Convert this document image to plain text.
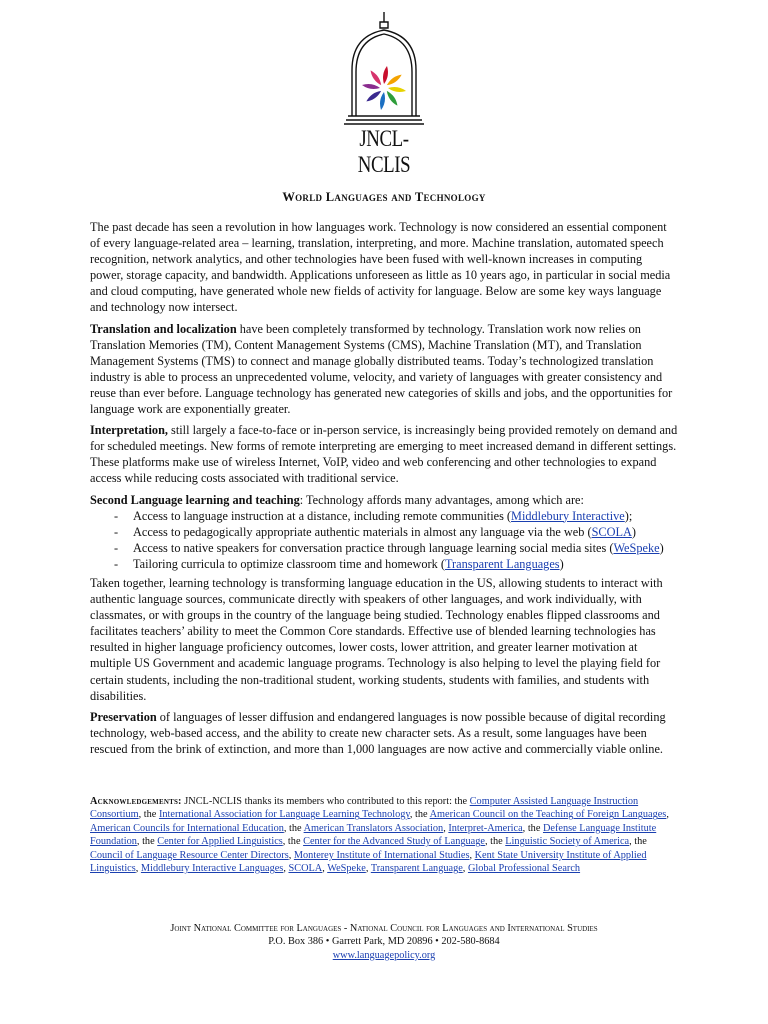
JNCL-NCLIS
World Languages and Technology

The past decade has seen a revolution in how languages work. Technology is now considered an essential component of every language-related area – learning, translation, interpreting, and more. Machine translation, automated speech recognition, network analytics, and other technologies have been fused with well-known increases in computing power, storage capacity, and bandwidth. Applications unforeseen as little as 10 years ago, in particular in social media and cloud computing, have generated whole new fields of activity for language. Below are some key ways language and technology now intersect.

Translation and localization have been completely transformed by technology. Translation work now relies on Translation Memories (TM), Content Management Systems (CMS), Machine Translation (MT), and Translation Management Systems (TMS) to connect and manage globally distributed teams. Today’s technologized translation industry is able to process an unprecedented volume, velocity, and variety of languages with greater consistency and reuse than ever before. Language technology has generated new categories of skills and jobs, and the opportunities for language work are exponentially greater.

Interpretation, still largely a face-to-face or in-person service, is increasingly being provided remotely on demand and for scheduled meetings. New forms of remote interpreting are emerging to meet increased demand in different settings. These platforms make use of wireless Internet, VoIP, video and web conferencing and other technologies to expand access while reducing costs associated with traditional service.

Second Language learning and teaching: Technology affords many advantages, among which are:

- Access to language instruction at a distance, including remote communities (Middlebury Interactive);
- Access to pedagogically appropriate authentic materials in almost any language via the web (SCOLA)
- Access to native speakers for conversation practice through language learning social media sites (WeSpeke)
- Tailoring curricula to optimize classroom time and homework (Transparent Languages)

Taken together, learning technology is transforming language education in the US, allowing students to interact with authentic language sources, communicate directly with speakers of other languages, and work individually, with classmates, or with groups in the country of the language being studied. Technology enables flipped classrooms and facilitates teachers’ ability to meet the Common Core standards. Effective use of blended learning technologies has resulted in higher language proficiency outcomes, lower costs, lower attrition, and greater learner motivation at multiple US Government and academic language programs. Technology is also helping to level the playing field for certain students, including the non-traditional student, working students, students with families, and students with disabilities.

Preservation of languages of lesser diffusion and endangered languages is now possible because of digital recording technology, web-based access, and the ability to create new character sets. As a result, some languages have been rescued from the brink of extinction, and more than 1,000 languages are now active and commercially viable online.

Acknowledgements: JNCL-NCLIS thanks its members who contributed to this report: the Computer Assisted Language Instruction Consortium, the International Association for Language Learning Technology, the American Council on the Teaching of Foreign Languages, American Councils for International Education, the American Translators Association, Interpret-America, the Defense Language Institute Foundation, the Center for Applied Linguistics, the Center for the Advanced Study of Language, the Linguistic Society of America, the Council of Language Resource Center Directors, Monterey Institute of International Studies, Kent State University Institute of Applied Linguistics, Middlebury Interactive Languages, SCOLA, WeSpeke, Transparent Language, Global Professional Search
Joint National Committee for Languages - National Council for Languages and International Studies
P.O. Box 386 • Garrett Park, MD 20896 • 202-580-8684
www.languagepolicy.org
